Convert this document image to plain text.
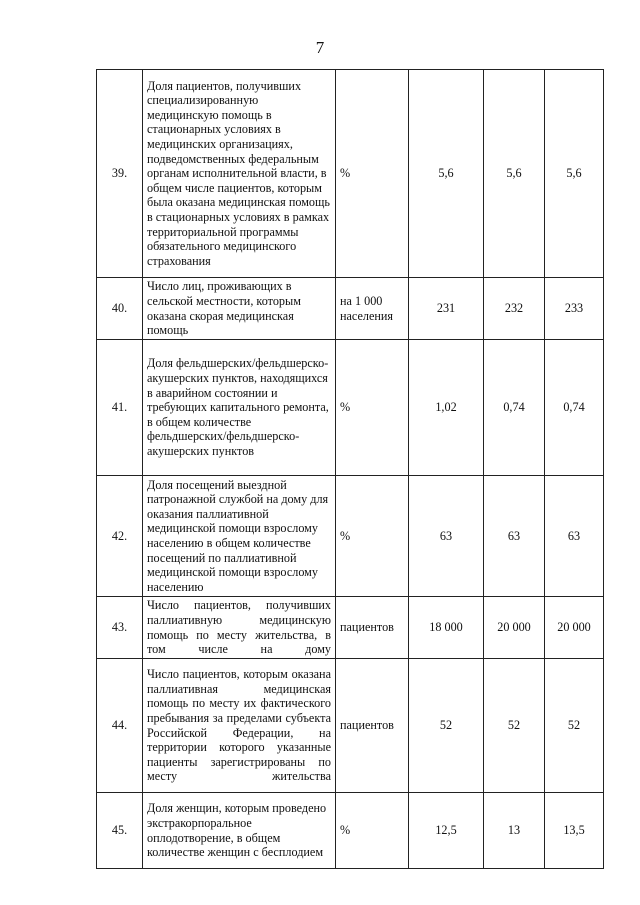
7
39.	Доля пациентов, получивших специализированную медицинскую помощь в стационарных условиях в медицинских организациях, подведомственных федеральным органам исполнительной власти, в общем числе пациентов, которым была оказана медицинская помощь в стационарных условиях в рамках территориальной программы обязательного медицинского страхования	%	5,6	5,6	5,6
40.	Число лиц, проживающих в сельской местности, которым оказана скорая медицинская помощь	на 1 000 населения	231	232	233
41.	Доля фельдшерских/фельдшерско-акушерских пунктов, находящихся в аварийном состоянии и требующих капитального ремонта, в общем количестве фельдшерских/фельдшерско-акушерских пунктов	%	1,02	0,74	0,74
42.	Доля посещений выездной патронажной службой на дому для оказания паллиативной медицинской помощи взрослому населению в общем количестве посещений по паллиативной медицинской помощи взрослому населению	%	63	63	63
43.	Число пациентов, получивших паллиативную медицинскую помощь по месту жительства, в том числе на дому	пациентов	18 000	20 000	20 000
44.	Число пациентов, которым оказана паллиативная медицинская помощь по месту их фактического пребывания за пределами субъекта Российской Федерации, на территории которого указанные пациенты зарегистрированы по месту жительства	пациентов	52	52	52
45.	Доля женщин, которым проведено экстракорпоральное оплодотворение, в общем количестве женщин с бесплодием	%	12,5	13	13,5
